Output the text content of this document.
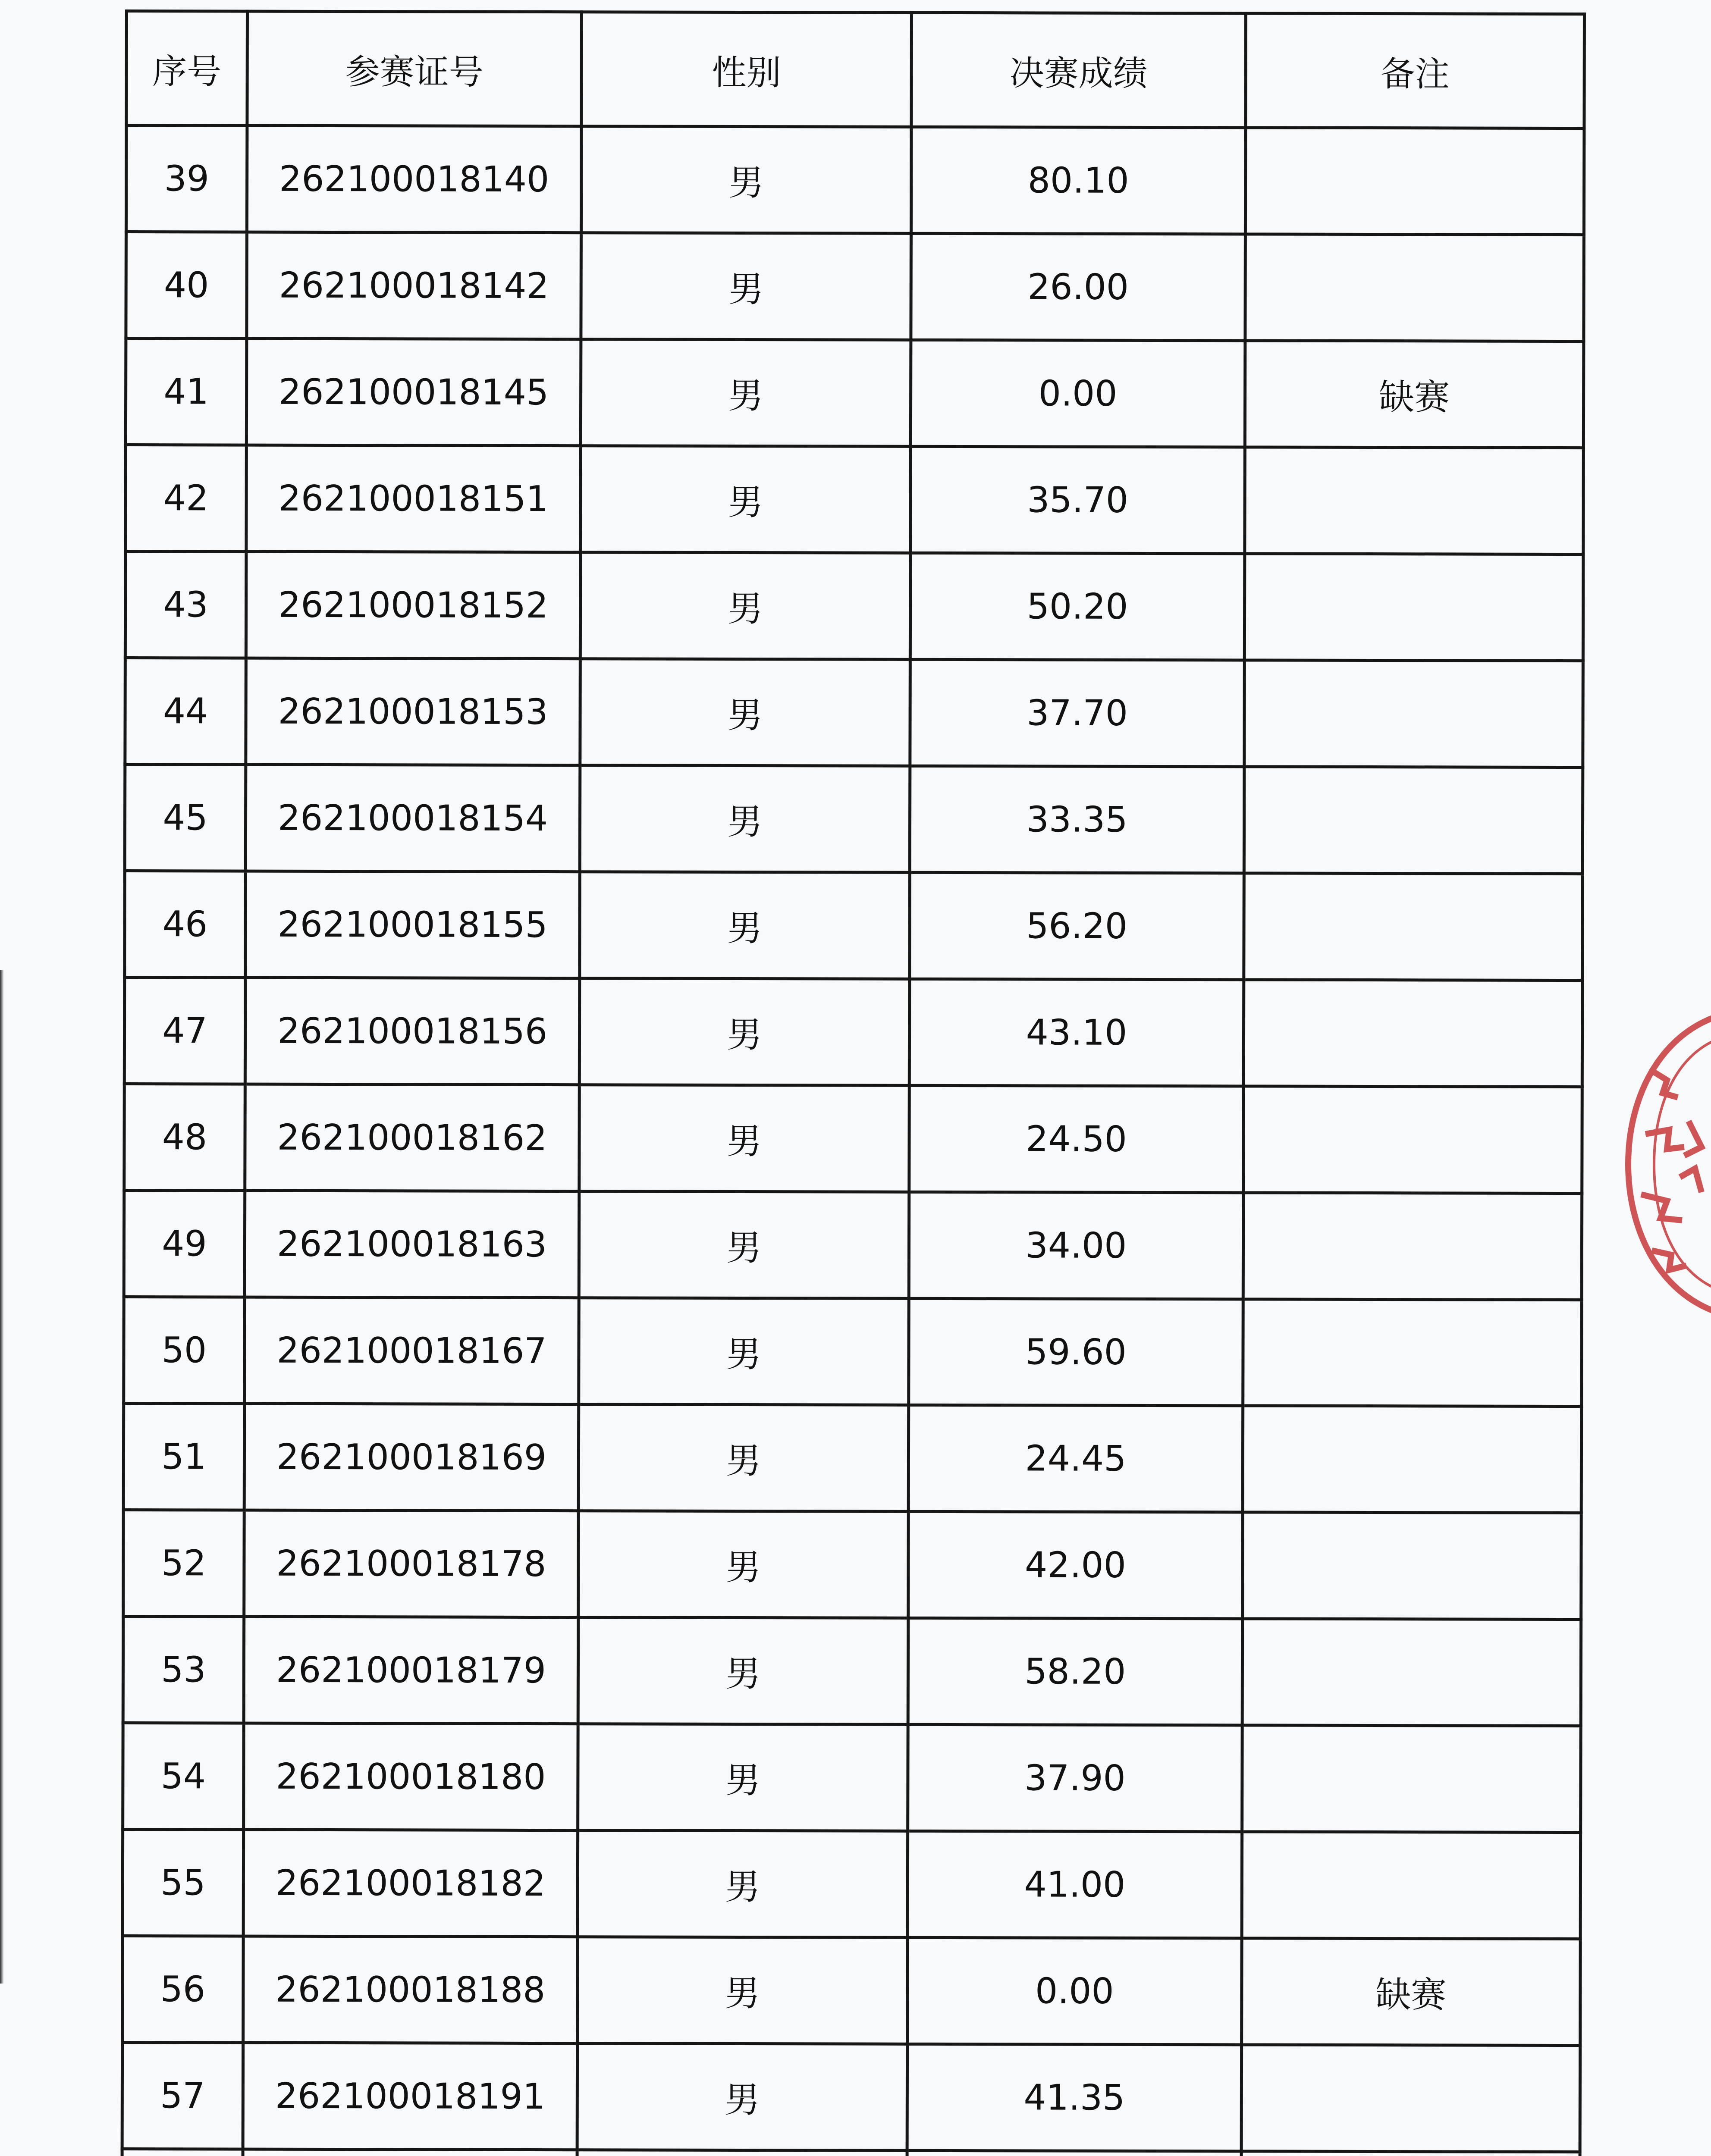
序号	参赛证号	性别	决赛成绩	备注
39	262100018140	男	80.10	
40	262100018142	男	26.00	
41	262100018145	男	0.00	缺赛
42	262100018151	男	35.70	
43	262100018152	男	50.20	
44	262100018153	男	37.70	
45	262100018154	男	33.35	
46	262100018155	男	56.20	
47	262100018156	男	43.10	
48	262100018162	男	24.50	
49	262100018163	男	34.00	
50	262100018167	男	59.60	
51	262100018169	男	24.45	
52	262100018178	男	42.00	
53	262100018179	男	58.20	
54	262100018180	男	37.90	
55	262100018182	男	41.00	
56	262100018188	男	0.00	缺赛
57	262100018191	男	41.35	
